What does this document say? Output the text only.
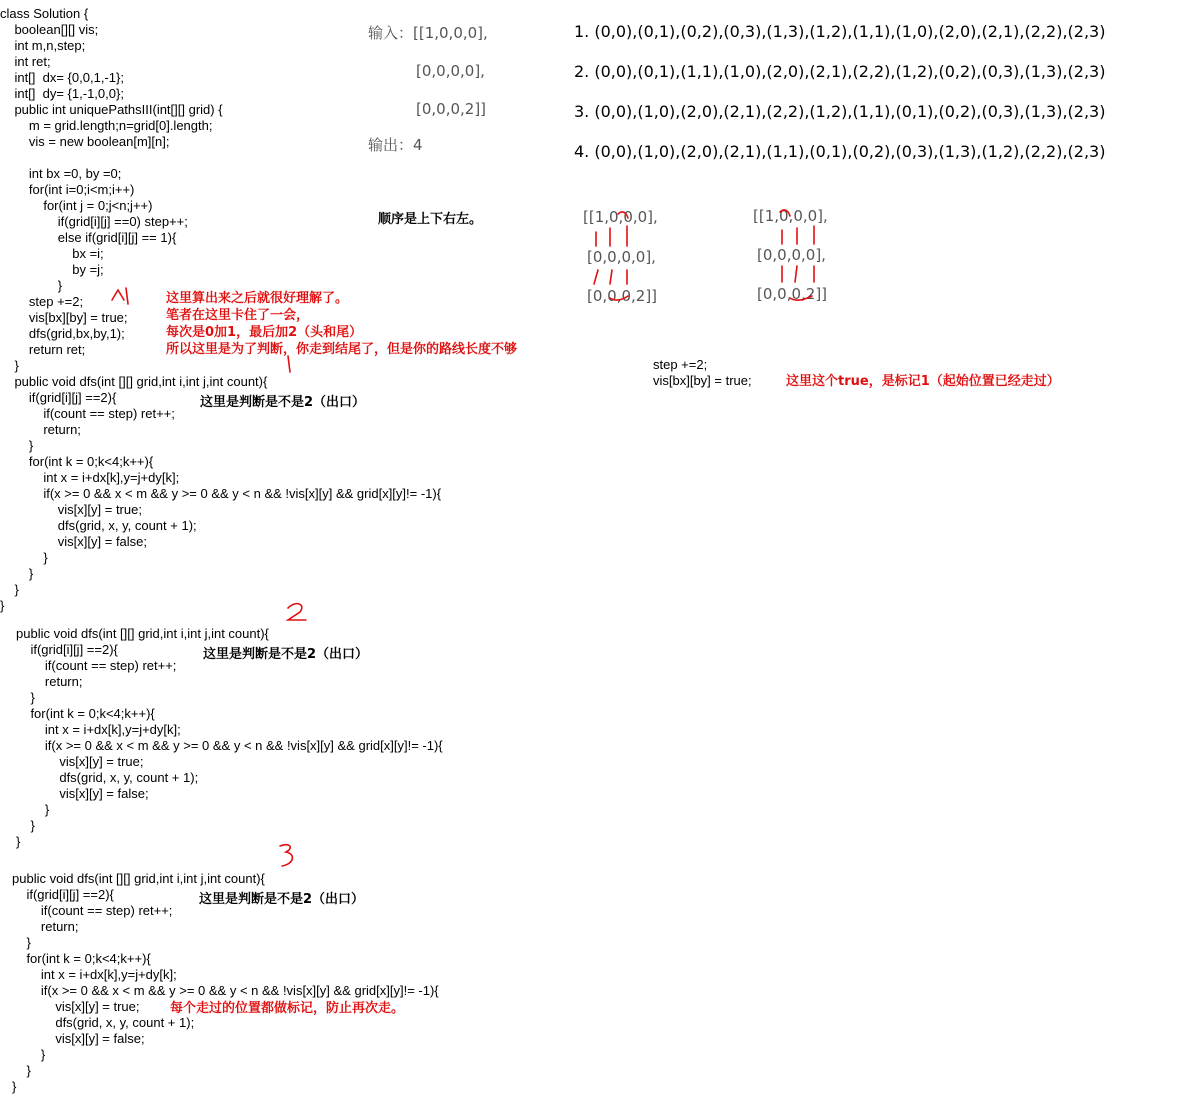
class Solution {
boolean[][] vis;
int m,n,step;
int ret;
int[]  dx= {0,0,1,-1};
int[]  dy= {1,-1,0,0};
public int uniquePathsIII(int[][] grid) {
m = grid.length;n=grid[0].length;
vis = new boolean[m][n];

int bx =0, by =0;
for(int i=0;i<m;i++)
for(int j = 0;j<n;j++)
if(grid[i][j] ==0) step++;
else if(grid[i][j] == 1){
bx =i;
by =j;
}
step +=2;
vis[bx][by] = true;
dfs(grid,bx,by,1);
return ret;
}
public void dfs(int [][] grid,int i,int j,int count){
if(grid[i][j] ==2){
if(count == step) ret++;
return;
}
for(int k = 0;k<4;k++){
int x = i+dx[k],y=j+dy[k];
if(x >= 0 && x < m && y >= 0 && y < n && !vis[x][y] && grid[x][y]!= -1){
vis[x][y] = true;
dfs(grid, x, y, count + 1);
vis[x][y] = false;
}
}
}
}
public void dfs(int [][] grid,int i,int j,int count){
if(grid[i][j] ==2){
if(count == step) ret++;
return;
}
for(int k = 0;k<4;k++){
int x = i+dx[k],y=j+dy[k];
if(x >= 0 && x < m && y >= 0 && y < n && !vis[x][y] && grid[x][y]!= -1){
vis[x][y] = true;
dfs(grid, x, y, count + 1);
vis[x][y] = false;
}
}
}
public void dfs(int [][] grid,int i,int j,int count){
if(grid[i][j] ==2){
if(count == step) ret++;
return;
}
for(int k = 0;k<4;k++){
int x = i+dx[k],y=j+dy[k];
if(x >= 0 && x < m && y >= 0 && y < n && !vis[x][y] && grid[x][y]!= -1){
vis[x][y] = true;
dfs(grid, x, y, count + 1);
vis[x][y] = false;
}
}
}
输入：[[1,0,0,0],
[0,0,0,0],
[0,0,0,2]]
输出：4
顺序是上下右左。
1. (0,0),(0,1),(0,2),(0,3),(1,3),(1,2),(1,1),(1,0),(2,0),(2,1),(2,2),(2,3)
2. (0,0),(0,1),(1,1),(1,0),(2,0),(2,1),(2,2),(1,2),(0,2),(0,3),(1,3),(2,3)
3. (0,0),(1,0),(2,0),(2,1),(2,2),(1,2),(1,1),(0,1),(0,2),(0,3),(1,3),(2,3)
4. (0,0),(1,0),(2,0),(2,1),(1,1),(0,1),(0,2),(0,3),(1,3),(1,2),(2,2),(2,3)
[[1,0,0,0],
[0,0,0,0],
[0,0,0,2]]
[[1,0,0,0],
[0,0,0,0],
[0,0,0,2]]
这里算出来之后就很好理解了。
笔者在这里卡住了一会，
每次是0加1，最后加2（头和尾）
所以这里是为了判断，你走到结尾了，但是你的路线长度不够
每个走过的位置都做标记，防止再次走。
这里这个true，是标记1（起始位置已经走过）
这里是判断是不是2（出口）
这里是判断是不是2（出口）
这里是判断是不是2（出口）
step +=2;
vis[bx][by] = true;
